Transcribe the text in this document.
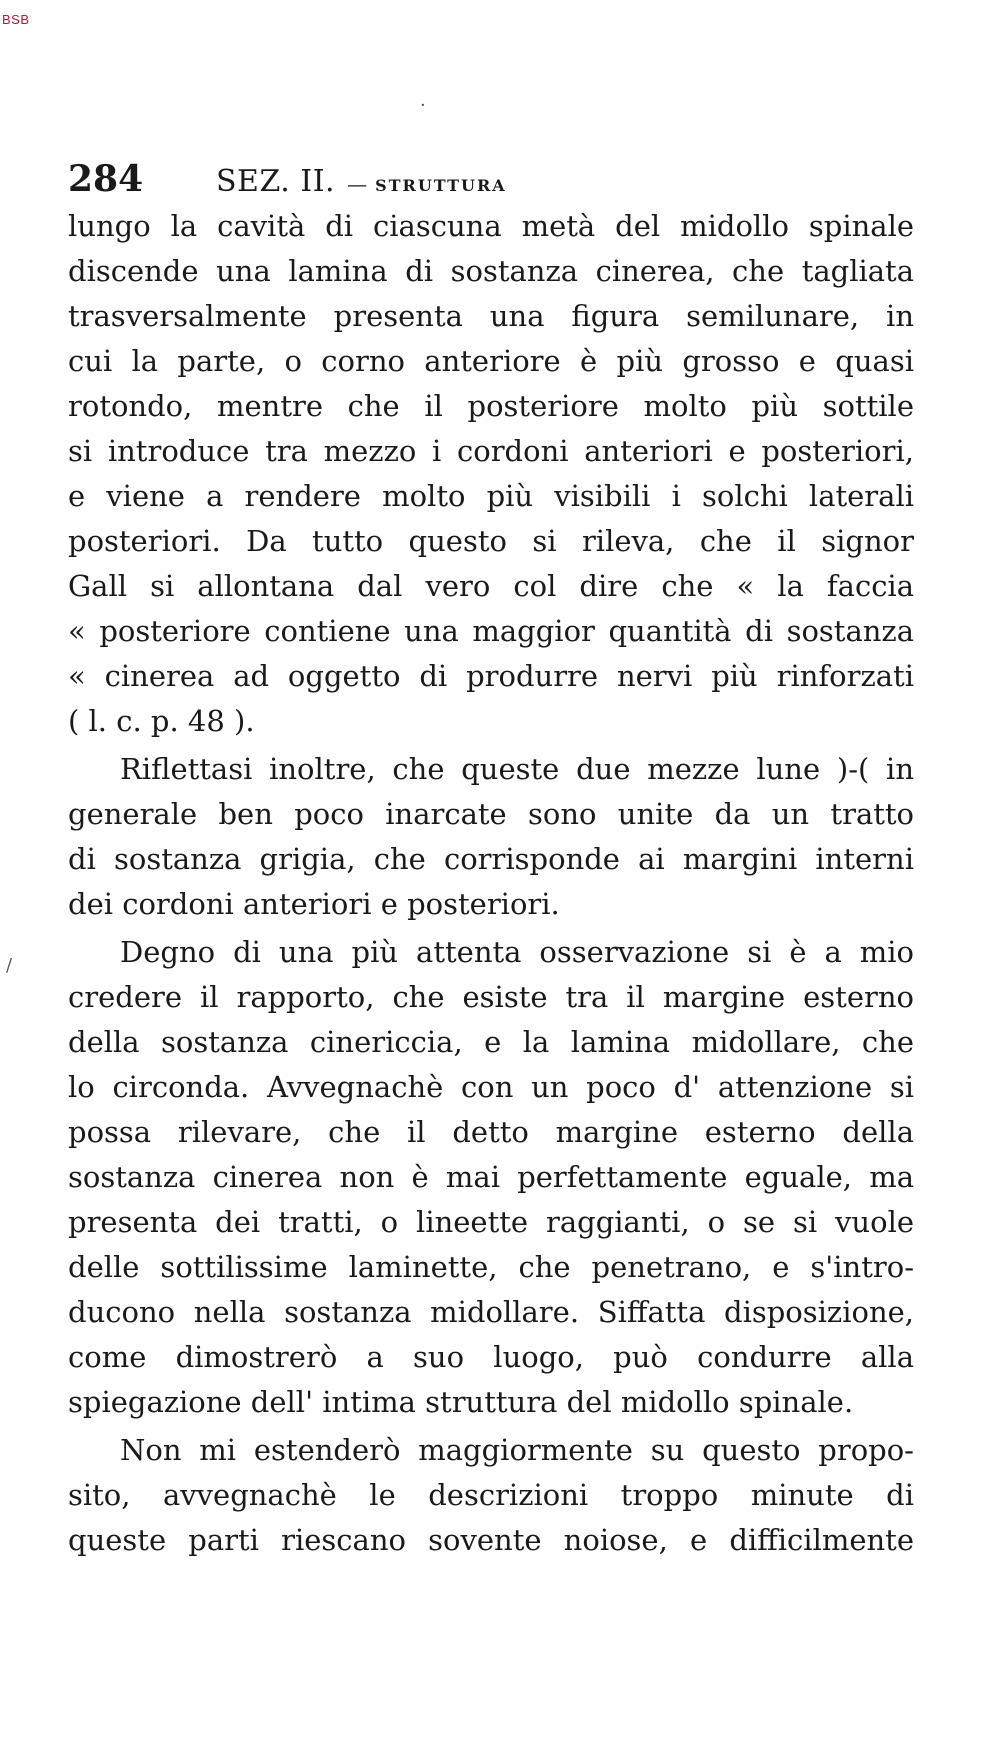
BSB
284	SEZ. II. — STRUTTURA
lungo la cavità di ciascuna metà del midollo spinale
discende una lamina di sostanza cinerea, che tagliata
trasversalmente presenta una figura semilunare, in
cui la parte, o corno anteriore è più grosso e quasi
rotondo, mentre che il posteriore molto più sottile
si introduce tra mezzo i cordoni anteriori e posteriori,
e viene a rendere molto più visibili i solchi laterali
posteriori. Da tutto questo si rileva, che il signor
Gall si allontana dal vero col dire che « la faccia
« posteriore contiene una maggior quantità di sostanza
« cinerea ad oggetto di produrre nervi più rinforzati
( l. c. p. 48 ).
Riflettasi inoltre, che queste due mezze lune )-( in
generale ben poco inarcate sono unite da un tratto
di sostanza grigia, che corrisponde ai margini interni
dei cordoni anteriori e posteriori.
Degno di una più attenta osservazione si è a mio
credere il rapporto, che esiste tra il margine esterno
della sostanza cinericcia, e la lamina midollare, che
lo circonda. Avvegnachè con un poco d' attenzione si
possa rilevare, che il detto margine esterno della
sostanza cinerea non è mai perfettamente eguale, ma
presenta dei tratti, o lineette raggianti, o se si vuole
delle sottilissime laminette, che penetrano, e s'intro-
ducono nella sostanza midollare. Siffatta disposizione,
come dimostrerò a suo luogo, può condurre alla
spiegazione dell' intima struttura del midollo spinale.
Non mi estenderò maggiormente su questo propo-
sito, avvegnachè le descrizioni troppo minute di
queste parti riescano sovente noiose, e difficilmente
·
/
